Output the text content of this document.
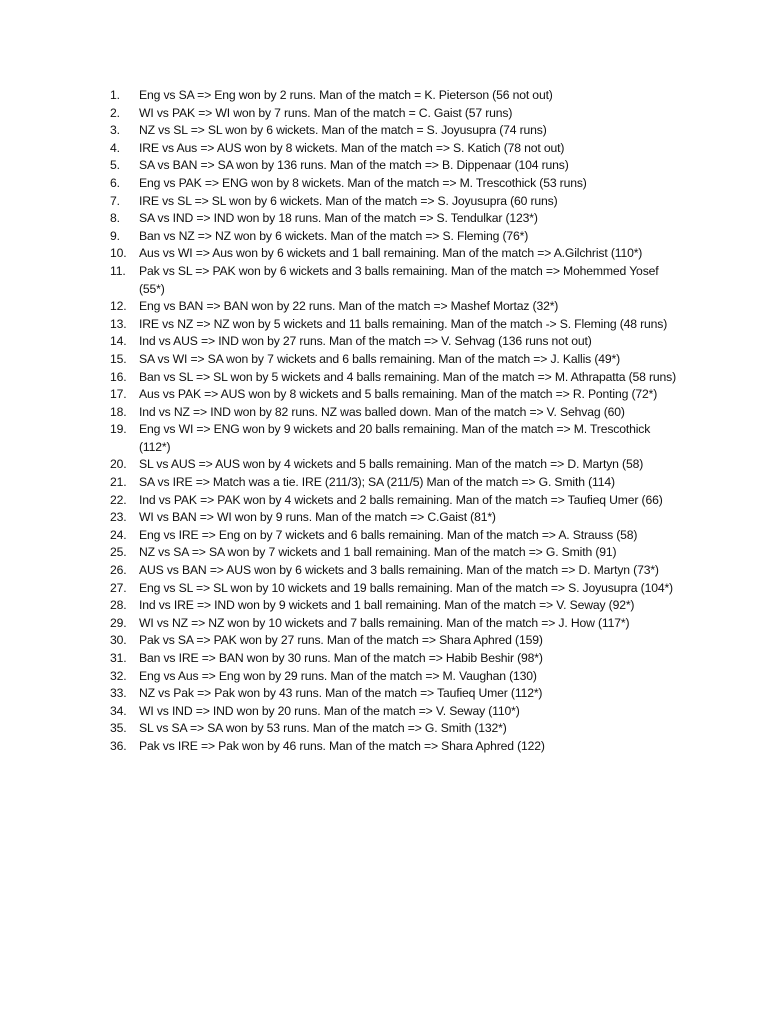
1.	Eng vs SA => Eng won by 2 runs. Man of the match = K. Pieterson (56 not out)
2.	WI vs PAK => WI won by 7 runs. Man of the match = C. Gaist (57 runs)
3.	NZ vs SL => SL won by 6 wickets. Man of the match = S. Joyusupra (74 runs)
4.	IRE vs Aus => AUS won by 8 wickets. Man of the match => S. Katich (78 not out)
5.	SA vs BAN => SA won by 136 runs. Man of the match => B. Dippenaar (104 runs)
6.	Eng vs PAK => ENG won by 8 wickets. Man of the match => M. Trescothick (53 runs)
7.	IRE vs SL => SL won by 6 wickets. Man of the match => S. Joyusupra (60 runs)
8.	SA vs IND => IND won by 18 runs. Man of the match => S. Tendulkar (123*)
9.	Ban vs NZ => NZ won by 6 wickets. Man of the match => S. Fleming (76*)
10.	Aus vs WI => Aus won by 6 wickets and 1 ball remaining. Man of the match => A.Gilchrist (110*)
11.	Pak vs SL => PAK won by 6 wickets and 3 balls remaining. Man of the match => Mohemmed Yosef (55*)
12.	Eng vs BAN => BAN won by 22 runs. Man of the match => Mashef Mortaz (32*)
13.	IRE vs NZ => NZ won by 5 wickets and 11 balls remaining. Man of the match -> S. Fleming (48 runs)
14.	Ind vs AUS => IND won by 27 runs. Man of the match => V. Sehvag (136 runs not out)
15.	SA vs WI => SA won by 7 wickets and 6 balls remaining. Man of the match => J. Kallis (49*)
16.	Ban vs SL => SL won by 5 wickets and 4 balls remaining. Man of the match => M. Athrapatta (58 runs)
17.	Aus vs PAK => AUS won by 8 wickets and 5 balls remaining. Man of the match => R. Ponting (72*)
18.	Ind vs NZ => IND won by 82 runs. NZ was balled down. Man of the match => V. Sehvag (60)
19.	Eng vs WI => ENG won by 9 wickets and 20 balls remaining. Man of the match => M. Trescothick (112*)
20.	SL vs AUS => AUS won by 4 wickets and 5 balls remaining. Man of the match => D. Martyn (58)
21.	SA vs IRE => Match was a tie. IRE (211/3); SA (211/5) Man of the match => G. Smith (114)
22.	Ind vs PAK => PAK won by 4 wickets and 2 balls remaining. Man of the match => Taufieq Umer (66)
23.	WI vs BAN => WI won by 9 runs. Man of the match => C.Gaist (81*)
24.	Eng vs IRE => Eng on by 7 wickets and 6 balls remaining. Man of the match => A. Strauss (58)
25.	NZ vs SA => SA won by 7 wickets and 1 ball remaining. Man of the match => G. Smith (91)
26.	AUS vs BAN => AUS won by 6 wickets and 3 balls remaining. Man of the match => D. Martyn (73*)
27.	Eng vs SL => SL won by 10 wickets and 19 balls remaining. Man of the match => S. Joyusupra (104*)
28.	Ind vs IRE => IND won by 9 wickets and 1 ball remaining. Man of the match => V. Seway (92*)
29.	WI vs NZ => NZ won by 10 wickets and 7 balls remaining. Man of the match => J. How (117*)
30.	Pak vs SA => PAK won by 27 runs. Man of the match => Shara Aphred (159)
31.	Ban vs IRE => BAN won by 30 runs. Man of the match => Habib Beshir (98*)
32.	Eng vs Aus => Eng won by 29 runs. Man of the match => M. Vaughan (130)
33.	NZ vs Pak => Pak won by 43 runs. Man of the match => Taufieq Umer (112*)
34.	WI vs IND => IND won by 20 runs. Man of the match => V. Seway (110*)
35.	SL vs SA => SA won by 53 runs. Man of the match => G. Smith (132*)
36.	Pak vs IRE => Pak won by 46 runs. Man of the match => Shara Aphred (122)
